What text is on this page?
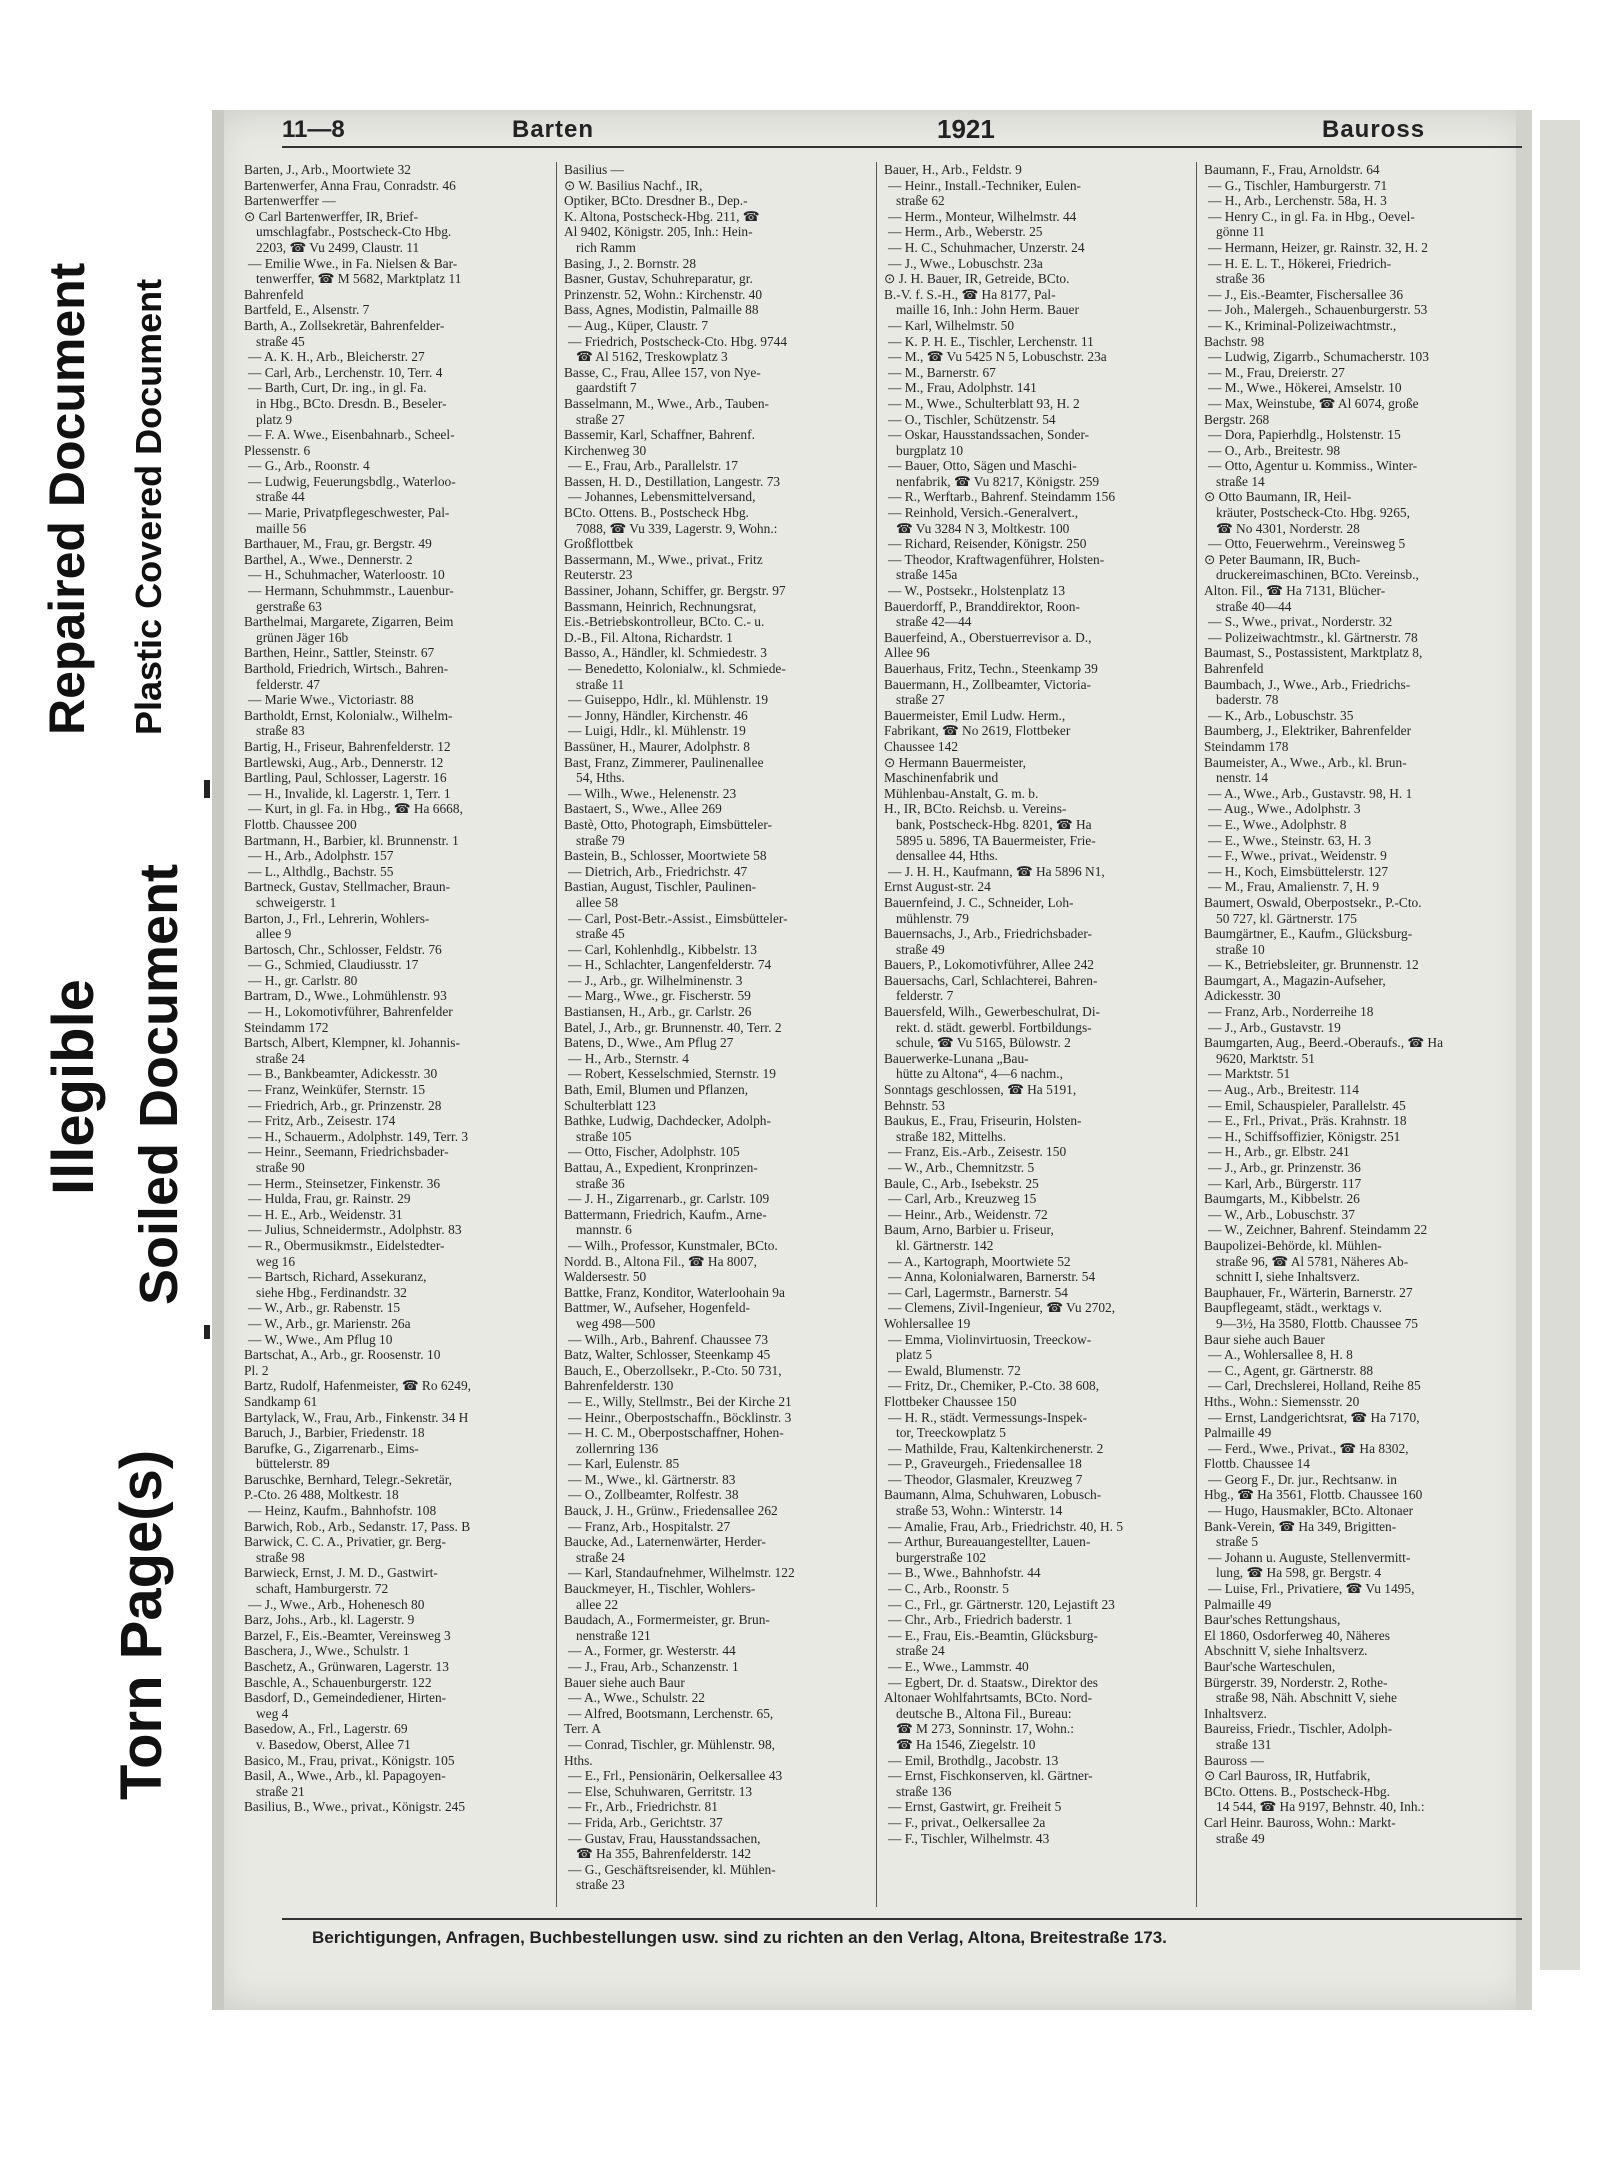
Repaired Document Plastic Covered Document
Illegible Soiled Document
Torn Page(s)
11—8	Barten	1921	Bauross
Barten, J., Arb., Moortwiete 32
Bartenwerfer, Anna Frau, Conradstr. 46
Bartenwerffer —
⊙ Carl Bartenwerffer, IR, Brief-
umschlagfabr., Postscheck-Cto Hbg.
2203, ☎ Vu 2499, Claustr. 11
— Emilie Wwe., in Fa. Nielsen & Bar-
tenwerffer, ☎ M 5682, Marktplatz 11
Bahrenfeld
Bartfeld, E., Alsenstr. 7
Barth, A., Zollsekretär, Bahrenfelder-
straße 45
— A. K. H., Arb., Bleicherstr. 27
— Carl, Arb., Lerchenstr. 10, Terr. 4
— Barth, Curt, Dr. ing., in gl. Fa.
in Hbg., BCto. Dresdn. B., Beseler-
platz 9
— F. A. Wwe., Eisenbahnarb., Scheel-
Plessenstr. 6
— G., Arb., Roonstr. 4
— Ludwig, Feuerungsbdlg., Waterloo-
straße 44
— Marie, Privatpflegeschwester, Pal-
maille 56
Barthauer, M., Frau, gr. Bergstr. 49
Barthel, A., Wwe., Dennerstr. 2
— H., Schuhmacher, Waterloostr. 10
— Hermann, Schuhmmstr., Lauenbur-
gerstraße 63
Barthelmai, Margarete, Zigarren, Beim
grünen Jäger 16b
Barthen, Heinr., Sattler, Steinstr. 67
Barthold, Friedrich, Wirtsch., Bahren-
felderstr. 47
— Marie Wwe., Victoriastr. 88
Bartholdt, Ernst, Kolonialw., Wilhelm-
straße 83
Bartig, H., Friseur, Bahrenfelderstr. 12
Bartlewski, Aug., Arb., Dennerstr. 12
Bartling, Paul, Schlosser, Lagerstr. 16
— H., Invalide, kl. Lagerstr. 1, Terr. 1
— Kurt, in gl. Fa. in Hbg., ☎ Ha 6668,
Flottb. Chaussee 200
Bartmann, H., Barbier, kl. Brunnenstr. 1
— H., Arb., Adolphstr. 157
— L., Althdlg., Bachstr. 55
Bartneck, Gustav, Stellmacher, Braun-
schweigerstr. 1
Barton, J., Frl., Lehrerin, Wohlers-
allee 9
Bartosch, Chr., Schlosser, Feldstr. 76
— G., Schmied, Claudiusstr. 17
— H., gr. Carlstr. 80
Bartram, D., Wwe., Lohmühlenstr. 93
— H., Lokomotivführer, Bahrenfelder
Steindamm 172
Bartsch, Albert, Klempner, kl. Johannis-
straße 24
— B., Bankbeamter, Adickesstr. 30
— Franz, Weinküfer, Sternstr. 15
— Friedrich, Arb., gr. Prinzenstr. 28
— Fritz, Arb., Zeisestr. 174
— H., Schauerm., Adolphstr. 149, Terr. 3
— Heinr., Seemann, Friedrichsbader-
straße 90
— Herm., Steinsetzer, Finkenstr. 36
— Hulda, Frau, gr. Rainstr. 29
— H. E., Arb., Weidenstr. 31
— Julius, Schneidermstr., Adolphstr. 83
— R., Obermusikmstr., Eidelstedter-
weg 16
— Bartsch, Richard, Assekuranz,
siehe Hbg., Ferdinandstr. 32
— W., Arb., gr. Rabenstr. 15
— W., Arb., gr. Marienstr. 26a
— W., Wwe., Am Pflug 10
Bartschat, A., Arb., gr. Roosenstr. 10
Pl. 2
Bartz, Rudolf, Hafenmeister, ☎ Ro 6249,
Sandkamp 61
Bartylack, W., Frau, Arb., Finkenstr. 34 H
Baruch, J., Barbier, Friedenstr. 18
Barufke, G., Zigarrenarb., Eims-
büttelerstr. 89
Baruschke, Bernhard, Telegr.-Sekretär,
P.-Cto. 26 488, Moltkestr. 18
— Heinz, Kaufm., Bahnhofstr. 108
Barwich, Rob., Arb., Sedanstr. 17, Pass. B
Barwick, C. C. A., Privatier, gr. Berg-
straße 98
Barwieck, Ernst, J. M. D., Gastwirt-
schaft, Hamburgerstr. 72
— J., Wwe., Arb., Hohenesch 80
Barz, Johs., Arb., kl. Lagerstr. 9
Barzel, F., Eis.-Beamter, Vereinsweg 3
Baschera, J., Wwe., Schulstr. 1
Baschetz, A., Grünwaren, Lagerstr. 13
Baschle, A., Schauenburgerstr. 122
Basdorf, D., Gemeindediener, Hirten-
weg 4
Basedow, A., Frl., Lagerstr. 69
v. Basedow, Oberst, Allee 71
Basico, M., Frau, privat., Königstr. 105
Basil, A., Wwe., Arb., kl. Papagoyen-
straße 21
Basilius, B., Wwe., privat., Königstr. 245
Basilius —
⊙ W. Basilius Nachf., IR,
Optiker, BCto. Dresdner B., Dep.-
K. Altona, Postscheck-Hbg. 211, ☎
Al 9402, Königstr. 205, Inh.: Hein-
rich Ramm
Basing, J., 2. Bornstr. 28
Basner, Gustav, Schuhreparatur, gr.
Prinzenstr. 52, Wohn.: Kirchenstr. 40
Bass, Agnes, Modistin, Palmaille 88
— Aug., Küper, Claustr. 7
— Friedrich, Postscheck-Cto. Hbg. 9744
☎ Al 5162, Treskowplatz 3
Basse, C., Frau, Allee 157, von Nye-
gaardstift 7
Basselmann, M., Wwe., Arb., Tauben-
straße 27
Bassemir, Karl, Schaffner, Bahrenf.
Kirchenweg 30
— E., Frau, Arb., Parallelstr. 17
Bassen, H. D., Destillation, Langestr. 73
— Johannes, Lebensmittelversand,
BCto. Ottens. B., Postscheck Hbg.
7088, ☎ Vu 339, Lagerstr. 9, Wohn.:
Großflottbek
Bassermann, M., Wwe., privat., Fritz
Reuterstr. 23
Bassiner, Johann, Schiffer, gr. Bergstr. 97
Bassmann, Heinrich, Rechnungsrat,
Eis.-Betriebskontrolleur, BCto. C.- u.
D.-B., Fil. Altona, Richardstr. 1
Basso, A., Händler, kl. Schmiedestr. 3
— Benedetto, Kolonialw., kl. Schmiede-
straße 11
— Guiseppo, Hdlr., kl. Mühlenstr. 19
— Jonny, Händler, Kirchenstr. 46
— Luigi, Hdlr., kl. Mühlenstr. 19
Bassüner, H., Maurer, Adolphstr. 8
Bast, Franz, Zimmerer, Paulinenallee
54, Hths.
— Wilh., Wwe., Helenenstr. 23
Bastaert, S., Wwe., Allee 269
Bastè, Otto, Photograph, Eimsbütteler-
straße 79
Bastein, B., Schlosser, Moortwiete 58
— Dietrich, Arb., Friedrichstr. 47
Bastian, August, Tischler, Paulinen-
allee 58
— Carl, Post-Betr.-Assist., Eimsbütteler-
straße 45
— Carl, Kohlenhdlg., Kibbelstr. 13
— H., Schlachter, Langenfelderstr. 74
— J., Arb., gr. Wilhelminenstr. 3
— Marg., Wwe., gr. Fischerstr. 59
Bastiansen, H., Arb., gr. Carlstr. 26
Batel, J., Arb., gr. Brunnenstr. 40, Terr. 2
Batens, D., Wwe., Am Pflug 27
— H., Arb., Sternstr. 4
— Robert, Kesselschmied, Sternstr. 19
Bath, Emil, Blumen und Pflanzen,
Schulterblatt 123
Bathke, Ludwig, Dachdecker, Adolph-
straße 105
— Otto, Fischer, Adolphstr. 105
Battau, A., Expedient, Kronprinzen-
straße 36
— J. H., Zigarrenarb., gr. Carlstr. 109
Battermann, Friedrich, Kaufm., Arne-
mannstr. 6
— Wilh., Professor, Kunstmaler, BCto.
Nordd. B., Altona Fil., ☎ Ha 8007,
Waldersestr. 50
Battke, Franz, Konditor, Waterloohain 9a
Battmer, W., Aufseher, Hogenfeld-
weg 498—500
— Wilh., Arb., Bahrenf. Chaussee 73
Batz, Walter, Schlosser, Steenkamp 45
Bauch, E., Oberzollsekr., P.-Cto. 50 731,
Bahrenfelderstr. 130
— E., Willy, Stellmstr., Bei der Kirche 21
— Heinr., Oberpostschaffn., Böcklinstr. 3
— H. C. M., Oberpostschaffner, Hohen-
zollernring 136
— Karl, Eulenstr. 85
— M., Wwe., kl. Gärtnerstr. 83
— O., Zollbeamter, Rolfestr. 38
Bauck, J. H., Grünw., Friedensallee 262
— Franz, Arb., Hospitalstr. 27
Baucke, Ad., Laternenwärter, Herder-
straße 24
— Karl, Standaufnehmer, Wilhelmstr. 122
Bauckmeyer, H., Tischler, Wohlers-
allee 22
Baudach, A., Formermeister, gr. Brun-
nenstraße 121
— A., Former, gr. Westerstr. 44
— J., Frau, Arb., Schanzenstr. 1
Bauer siehe auch Baur
— A., Wwe., Schulstr. 22
— Alfred, Bootsmann, Lerchenstr. 65,
Terr. A
— Conrad, Tischler, gr. Mühlenstr. 98,
Hths.
— E., Frl., Pensionärin, Oelkersallee 43
— Else, Schuhwaren, Gerritstr. 13
— Fr., Arb., Friedrichstr. 81
— Frida, Arb., Gerichtstr. 37
— Gustav, Frau, Hausstandssachen,
☎ Ha 355, Bahrenfelderstr. 142
— G., Geschäftsreisender, kl. Mühlen-
straße 23
Bauer, H., Arb., Feldstr. 9
— Heinr., Install.-Techniker, Eulen-
straße 62
— Herm., Monteur, Wilhelmstr. 44
— Herm., Arb., Weberstr. 25
— H. C., Schuhmacher, Unzerstr. 24
— J., Wwe., Lobuschstr. 23a
⊙ J. H. Bauer, IR, Getreide, BCto.
B.-V. f. S.-H., ☎ Ha 8177, Pal-
maille 16, Inh.: John Herm. Bauer
— Karl, Wilhelmstr. 50
— K. P. H. E., Tischler, Lerchenstr. 11
— M., ☎ Vu 5425 N 5, Lobuschstr. 23a
— M., Barnerstr. 67
— M., Frau, Adolphstr. 141
— M., Wwe., Schulterblatt 93, H. 2
— O., Tischler, Schützenstr. 54
— Oskar, Hausstandssachen, Sonder-
burgplatz 10
— Bauer, Otto, Sägen und Maschi-
nenfabrik, ☎ Vu 8217, Königstr. 259
— R., Werftarb., Bahrenf. Steindamm 156
— Reinhold, Versich.-Generalvert.,
☎ Vu 3284 N 3, Moltkestr. 100
— Richard, Reisender, Königstr. 250
— Theodor, Kraftwagenführer, Holsten-
straße 145a
— W., Postsekr., Holstenplatz 13
Bauerdorff, P., Branddirektor, Roon-
straße 42—44
Bauerfeind, A., Oberstuerrevisor a. D.,
Allee 96
Bauerhaus, Fritz, Techn., Steenkamp 39
Bauermann, H., Zollbeamter, Victoria-
straße 27
Bauermeister, Emil Ludw. Herm.,
Fabrikant, ☎ No 2619, Flottbeker
Chaussee 142
⊙ Hermann Bauermeister,
Maschinenfabrik und
Mühlenbau-Anstalt, G. m. b.
H., IR, BCto. Reichsb. u. Vereins-
bank, Postscheck-Hbg. 8201, ☎ Ha
5895 u. 5896, TA Bauermeister, Frie-
densallee 44, Hths.
— J. H. H., Kaufmann, ☎ Ha 5896 N1,
Ernst August-str. 24
Bauernfeind, J. C., Schneider, Loh-
mühlenstr. 79
Bauernsachs, J., Arb., Friedrichsbader-
straße 49
Bauers, P., Lokomotivführer, Allee 242
Bauersachs, Carl, Schlachterei, Bahren-
felderstr. 7
Bauersfeld, Wilh., Gewerbeschulrat, Di-
rekt. d. städt. gewerbl. Fortbildungs-
schule, ☎ Vu 5165, Bülowstr. 2
Bauerwerke-Lunana „Bau-
hütte zu Altona“, 4—6 nachm.,
Sonntags geschlossen, ☎ Ha 5191,
Behnstr. 53
Baukus, E., Frau, Friseurin, Holsten-
straße 182, Mittelhs.
— Franz, Eis.-Arb., Zeisestr. 150
— W., Arb., Chemnitzstr. 5
Baule, C., Arb., Isebekstr. 25
— Carl, Arb., Kreuzweg 15
— Heinr., Arb., Weidenstr. 72
Baum, Arno, Barbier u. Friseur,
kl. Gärtnerstr. 142
— A., Kartograph, Moortwiete 52
— Anna, Kolonialwaren, Barnerstr. 54
— Carl, Lagermstr., Barnerstr. 54
— Clemens, Zivil-Ingenieur, ☎ Vu 2702,
Wohlersallee 19
— Emma, Violinvirtuosin, Treeckow-
platz 5
— Ewald, Blumenstr. 72
— Fritz, Dr., Chemiker, P.-Cto. 38 608,
Flottbeker Chaussee 150
— H. R., städt. Vermessungs-Inspek-
tor, Treeckowplatz 5
— Mathilde, Frau, Kaltenkirchenerstr. 2
— P., Graveurgeh., Friedensallee 18
— Theodor, Glasmaler, Kreuzweg 7
Baumann, Alma, Schuhwaren, Lobusch-
straße 53, Wohn.: Winterstr. 14
— Amalie, Frau, Arb., Friedrichstr. 40, H. 5
— Arthur, Bureauangestellter, Lauen-
burgerstraße 102
— B., Wwe., Bahnhofstr. 44
— C., Arb., Roonstr. 5
— C., Frl., gr. Gärtnerstr. 120, Lejastift 23
— Chr., Arb., Friedrich baderstr. 1
— E., Frau, Eis.-Beamtin, Glücksburg-
straße 24
— E., Wwe., Lammstr. 40
— Egbert, Dr. d. Staatsw., Direktor des
Altonaer Wohlfahrtsamts, BCto. Nord-
deutsche B., Altona Fil., Bureau:
☎ M 273, Sonninstr. 17, Wohn.:
☎ Ha 1546, Ziegelstr. 10
— Emil, Brothdlg., Jacobstr. 13
— Ernst, Fischkonserven, kl. Gärtner-
straße 136
— Ernst, Gastwirt, gr. Freiheit 5
— F., privat., Oelkersallee 2a
— F., Tischler, Wilhelmstr. 43
Baumann, F., Frau, Arnoldstr. 64
— G., Tischler, Hamburgerstr. 71
— H., Arb., Lerchenstr. 58a, H. 3
— Henry C., in gl. Fa. in Hbg., Oevel-
gönne 11
— Hermann, Heizer, gr. Rainstr. 32, H. 2
— H. E. L. T., Hökerei, Friedrich-
straße 36
— J., Eis.-Beamter, Fischersallee 36
— Joh., Malergeh., Schauenburgerstr. 53
— K., Kriminal-Polizeiwachtmstr.,
Bachstr. 98
— Ludwig, Zigarrb., Schumacherstr. 103
— M., Frau, Dreierstr. 27
— M., Wwe., Hökerei, Amselstr. 10
— Max, Weinstube, ☎ Al 6074, große
Bergstr. 268
— Dora, Papierhdlg., Holstenstr. 15
— O., Arb., Breitestr. 98
— Otto, Agentur u. Kommiss., Winter-
straße 14
⊙ Otto Baumann, IR, Heil-
kräuter, Postscheck-Cto. Hbg. 9265,
☎ No 4301, Norderstr. 28
— Otto, Feuerwehrm., Vereinsweg 5
⊙ Peter Baumann, IR, Buch-
druckereimaschinen, BCto. Vereinsb.,
Alton. Fil., ☎ Ha 7131, Blücher-
straße 40—44
— S., Wwe., privat., Norderstr. 32
— Polizeiwachtmstr., kl. Gärtnerstr. 78
Baumast, S., Postassistent, Marktplatz 8,
Bahrenfeld
Baumbach, J., Wwe., Arb., Friedrichs-
baderstr. 78
— K., Arb., Lobuschstr. 35
Baumberg, J., Elektriker, Bahrenfelder
Steindamm 178
Baumeister, A., Wwe., Arb., kl. Brun-
nenstr. 14
— A., Wwe., Arb., Gustavstr. 98, H. 1
— Aug., Wwe., Adolphstr. 3
— E., Wwe., Adolphstr. 8
— E., Wwe., Steinstr. 63, H. 3
— F., Wwe., privat., Weidenstr. 9
— H., Koch, Eimsbüttelerstr. 127
— M., Frau, Amalienstr. 7, H. 9
Baumert, Oswald, Oberpostsekr., P.-Cto.
50 727, kl. Gärtnerstr. 175
Baumgärtner, E., Kaufm., Glücksburg-
straße 10
— K., Betriebsleiter, gr. Brunnenstr. 12
Baumgart, A., Magazin-Aufseher,
Adickesstr. 30
— Franz, Arb., Norderreihe 18
— J., Arb., Gustavstr. 19
Baumgarten, Aug., Beerd.-Oberaufs., ☎ Ha
9620, Marktstr. 51
— Marktstr. 51
— Aug., Arb., Breitestr. 114
— Emil, Schauspieler, Parallelstr. 45
— E., Frl., Privat., Präs. Krahnstr. 18
— H., Schiffsoffizier, Königstr. 251
— H., Arb., gr. Elbstr. 241
— J., Arb., gr. Prinzenstr. 36
— Karl, Arb., Bürgerstr. 117
Baumgarts, M., Kibbelstr. 26
— W., Arb., Lobuschstr. 37
— W., Zeichner, Bahrenf. Steindamm 22
Baupolizei-Behörde, kl. Mühlen-
straße 96, ☎ Al 5781, Näheres Ab-
schnitt I, siehe Inhaltsverz.
Bauphauer, Fr., Wärterin, Barnerstr. 27
Baupflegeamt, städt., werktags v.
9—3½, Ha 3580, Flottb. Chaussee 75
Baur siehe auch Bauer
— A., Wohlersallee 8, H. 8
— C., Agent, gr. Gärtnerstr. 88
— Carl, Drechslerei, Holland, Reihe 85
Hths., Wohn.: Siemensstr. 20
— Ernst, Landgerichtsrat, ☎ Ha 7170,
Palmaille 49
— Ferd., Wwe., Privat., ☎ Ha 8302,
Flottb. Chaussee 14
— Georg F., Dr. jur., Rechtsanw. in
Hbg., ☎ Ha 3561, Flottb. Chaussee 160
— Hugo, Hausmakler, BCto. Altonaer
Bank-Verein, ☎ Ha 349, Brigitten-
straße 5
— Johann u. Auguste, Stellenvermitt-
lung, ☎ Ha 598, gr. Bergstr. 4
— Luise, Frl., Privatiere, ☎ Vu 1495,
Palmaille 49
Baur'sches Rettungshaus,
El 1860, Osdorferweg 40, Näheres
Abschnitt V, siehe Inhaltsverz.
Baur'sche Warteschulen,
Bürgerstr. 39, Norderstr. 2, Rothe-
straße 98, Näh. Abschnitt V, siehe
Inhaltsverz.
Baureiss, Friedr., Tischler, Adolph-
straße 131
Bauross —
⊙ Carl Bauross, IR, Hutfabrik,
BCto. Ottens. B., Postscheck-Hbg.
14 544, ☎ Ha 9197, Behnstr. 40, Inh.:
Carl Heinr. Bauross, Wohn.: Markt-
straße 49
Berichtigungen, Anfragen, Buchbestellungen usw. sind zu richten an den Verlag, Altona, Breitestraße 173.
